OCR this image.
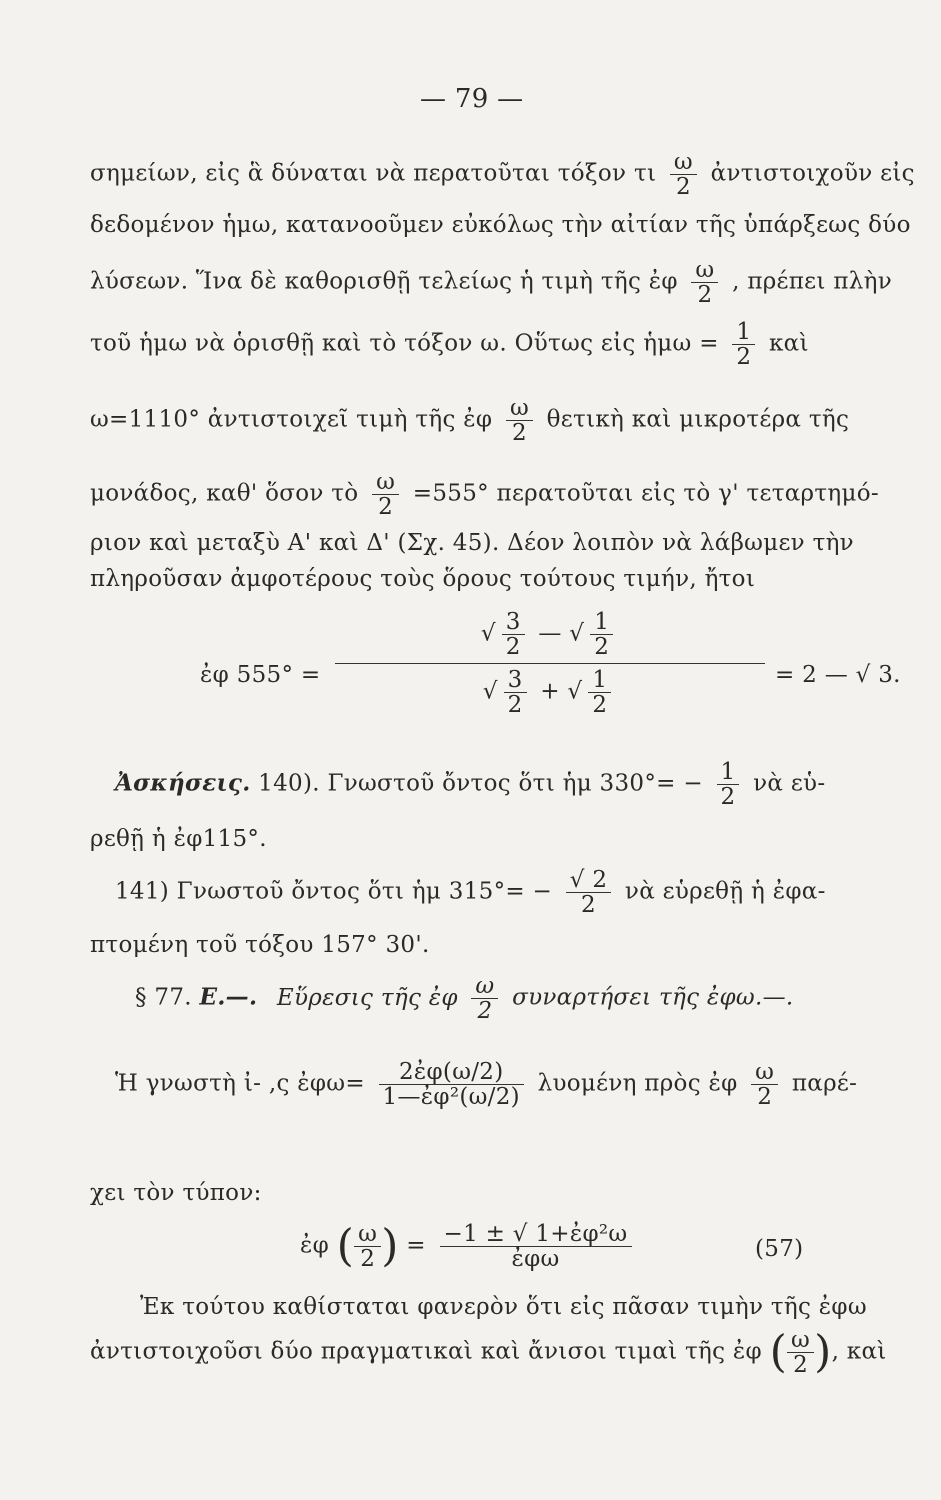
— 79 —
σημείων, εἰς ἃ δύναται νὰ περατοῦται τόξον τι $\frac{\omega}{2}$ ἀντιστοιχοῦν εἰς
δεδομένον ἡμω, κατανοοῦμεν εὐκόλως τὴν αἰτίαν τῆς ὑπάρξεως δύο
λύσεων. Ἵνα δὲ καθορισθῇ τελείως ἡ τιμὴ τῆς ἐφ $\frac{\omega}{2}$ , πρέπει πλὴν
τοῦ ἡμω νὰ ὁρισθῇ καὶ τὸ τόξον ω. Οὕτως εἰς ἡμω = $\frac{1}{2}$ καὶ
ω=1110° ἀντιστοιχεῖ τιμὴ τῆς ἐφ $\frac{\omega}{2}$ θετικὴ καὶ μικροτέρα τῆς
μονάδος, καθ' ὅσον τὸ $\frac{\omega}{2} =555^\circ$ περατοῦται εἰς τὸ γ' τεταρτημό-
ριον καὶ μεταξὺ Α' καὶ Δ' (Σχ. 45). Δέον λοιπὸν νὰ λάβωμεν τὴν
πληροῦσαν ἀμφοτέρους τοὺς ὅρους τούτους τιμήν, ἤτοι
ἐφ 555° =
√ $\frac{3}{2}$ — √ $\frac{1}{2}$
√ $\frac{3}{2}$ + √ $\frac{1}{2}$	= 2 — √ 3.
Ἀσκήσεις. 140). Γνωστοῦ ὄντος ὅτι ἡμ $330^\circ= - \frac{1}{2}$ νὰ εὑ-
ρεθῇ ἡ ἐφ115°.
141) Γνωστοῦ ὄντος ὅτι ἡμ $315^\circ= - \frac{√ 2}{2}$ νὰ εὑρεθῇ ἡ ἐφα-
πτομένη τοῦ τόξου 157° 30'.
§ 77. Ε.—. Εὕρεσις τῆς ἐφ $\frac{\omega}{2}$ συναρτήσει τῆς ἐφω.—.
Ἡ γνωστὴ ἰ- ,ς ἐφω= $\frac{\text{2ἐφ(ω/2)}}{\text{1—ἐφ²(ω/2)}}$ λυομένη πρὸς ἐφ $\frac{\omega}{2} \pi\alpha\rho έ-$
χει τὸν τύπον:
ἐφ ( $\frac{\omega}{2}$ ) = $\frac{\text{−1 ± √ 1+ἐφ²ω}}{\text{ἐφω}}$	(57)
Ἐκ τούτου καθίσταται φανερὸν ὅτι εἰς πᾶσαν τιμὴν τῆς ἐφω
ἀντιστοιχοῦσι δύο πραγματικαὶ καὶ ἄνισοι τιμαὶ τῆς ἐφ ( $\frac{\omega}{2}$ ), καὶ
